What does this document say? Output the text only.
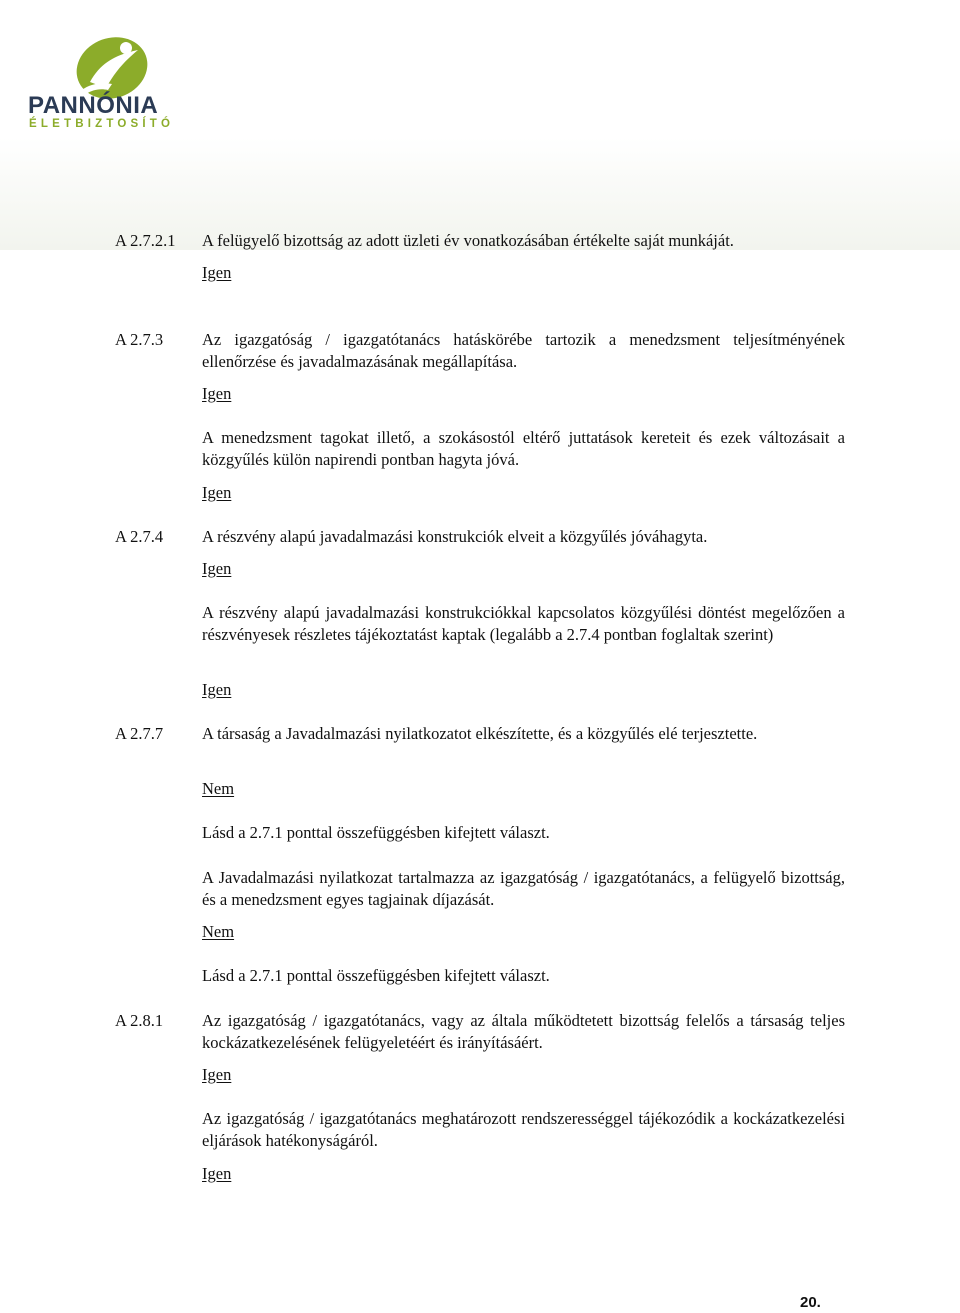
PANNÓNIA
ÉLETBIZTOSÍTÓ
A 2.7.2.1 A felügyelő bizottság az adott üzleti év vonatkozásában értékelte saját munkáját.
Igen
A 2.7.3 Az igazgatóság / igazgatótanács hatáskörébe tartozik a menedzsment teljesítményének ellenőrzése és javadalmazásának megállapítása.
Igen
A menedzsment tagokat illető, a szokásostól eltérő juttatások kereteit és ezek változásait a közgyűlés külön napirendi pontban hagyta jóvá.
Igen
A 2.7.4 A részvény alapú javadalmazási konstrukciók elveit a közgyűlés jóváhagyta.
Igen
A részvény alapú javadalmazási konstrukciókkal kapcsolatos közgyűlési döntést megelőzően a részvényesek részletes tájékoztatást kaptak (legalább a 2.7.4 pontban foglaltak szerint)
Igen
A 2.7.7 A társaság a Javadalmazási nyilatkozatot elkészítette, és a közgyűlés elé terjesztette.
Nem
Lásd a 2.7.1 ponttal összefüggésben kifejtett választ.
A Javadalmazási nyilatkozat tartalmazza az igazgatóság / igazgatótanács, a felügyelő bizottság, és a menedzsment egyes tagjainak díjazását.
Nem
Lásd a 2.7.1 ponttal összefüggésben kifejtett választ.
A 2.8.1 Az igazgatóság / igazgatótanács, vagy az általa működtetett bizottság felelős a társaság teljes kockázatkezelésének felügyeletéért és irányításáért.
Igen
Az igazgatóság / igazgatótanács meghatározott rendszerességgel tájékozódik a kockázatkezelési eljárások hatékonyságáról.
Igen
20.
